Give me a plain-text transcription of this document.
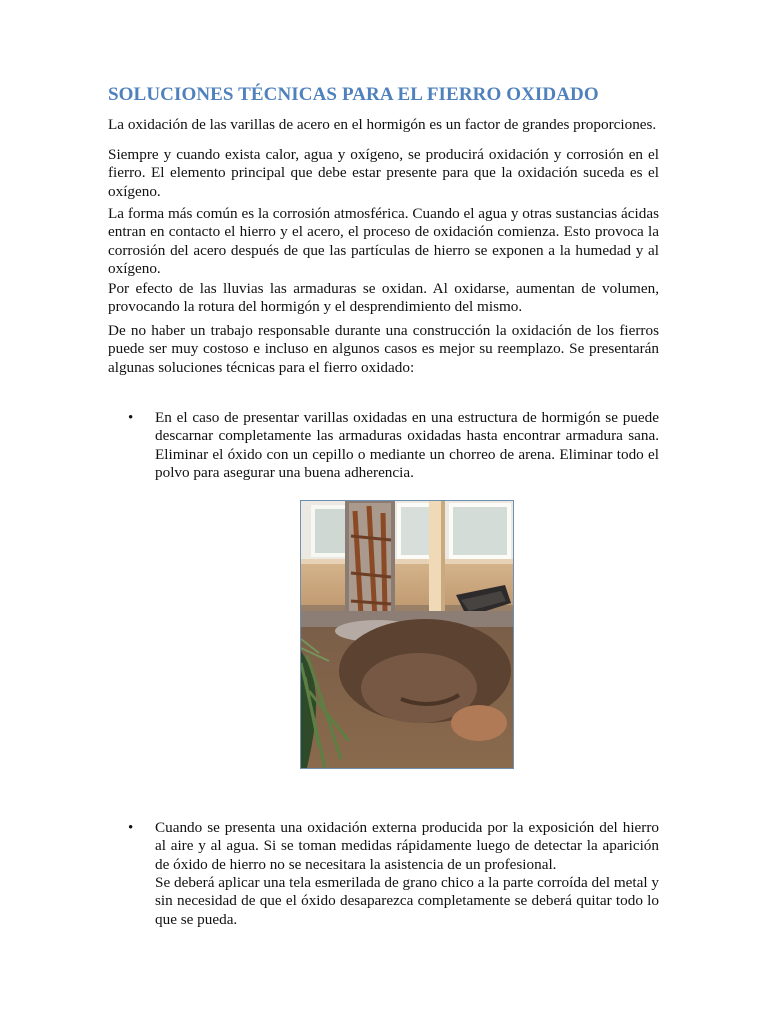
SOLUCIONES TÉCNICAS PARA EL FIERRO OXIDADO

La oxidación de las varillas de acero en el hormigón es un factor de grandes proporciones.

Siempre y cuando exista calor, agua y oxígeno, se producirá oxidación y corrosión en el fierro. El elemento principal que debe estar presente para que la oxidación suceda es el oxígeno.

La forma más común es la corrosión atmosférica. Cuando el agua y otras sustancias ácidas entran en contacto el hierro y el acero, el proceso de oxidación comienza. Esto provoca la corrosión del acero después de que las partículas de hierro se exponen a la humedad y al oxígeno.

Por efecto de las lluvias las armaduras se oxidan. Al oxidarse, aumentan de volumen, provocando la rotura del hormigón y el desprendimiento del mismo.

De no haber un trabajo responsable durante una construcción la oxidación de los fierros puede ser muy costoso e incluso en algunos casos es mejor su reemplazo. Se presentarán algunas soluciones técnicas para el fierro oxidado:

• En el caso de presentar varillas oxidadas en una estructura de hormigón se puede descarnar completamente las armaduras oxidadas hasta encontrar armadura sana. Eliminar el óxido con un cepillo o mediante un chorreo de arena. Eliminar todo el polvo para asegurar una buena adherencia.

• Cuando se presenta una oxidación externa producida por la exposición del hierro al aire y al agua. Si se toman medidas rápidamente luego de detectar la aparición de óxido de hierro no se necesitara la asistencia de un profesional.

Se deberá aplicar una tela esmerilada de grano chico a la parte corroída del metal y sin necesidad de que el óxido desaparezca completamente se deberá quitar todo lo que se pueda.
